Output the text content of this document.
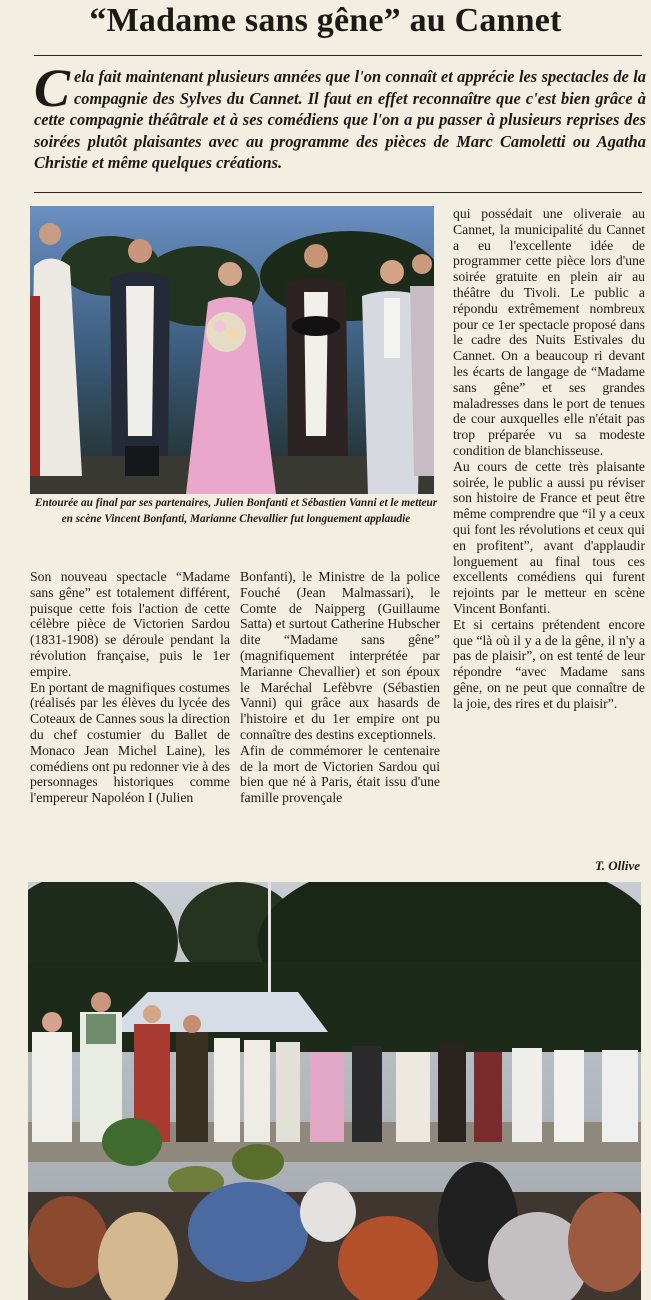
“Madame sans gêne” au Cannet

Cela fait maintenant plusieurs années que l'on connaît et apprécie les spectacles de la compagnie des Sylves du Cannet. Il faut en effet reconnaître que c'est bien grâce à cette compagnie théâtrale et à ses comédiens que l'on a pu passer à plusieurs reprises des soirées plutôt plaisantes avec au programme des pièces de Marc Camoletti ou Agatha Christie et même quelques créations.

Entourée au final par ses partenaires, Julien Bonfanti et Sébastien Vanni et le metteur en scène Vincent Bonfanti, Marianne Chevallier fut longuement applaudie

qui possédait une oliveraie au Cannet, la municipalité du Cannet a eu l'excellente idée de programmer cette pièce lors d'une soirée gratuite en plein air au théâtre du Tivoli. Le public a répondu extrêmement nombreux pour ce 1er spectacle proposé dans le cadre des Nuits Estivales du Cannet. On a beaucoup ri devant les écarts de langage de “Madame sans gêne” et ses grandes maladresses dans le port de tenues de cour auxquelles elle n'était pas trop préparée vu sa modeste condition de blanchisseuse.

Au cours de cette très plaisante soirée, le public a aussi pu réviser son histoire de France et peut être même comprendre que “il y a ceux qui font les révolutions et ceux qui en profitent”, avant d'applaudir longuement au final tous ces excellents comédiens qui furent rejoints par le metteur en scène Vincent Bonfanti.

Et si certains prétendent encore que “là où il y a de la gêne, il n'y a pas de plaisir”, on est tenté de leur répondre “avec Madame sans gêne, on ne peut que connaître de la joie, des rires et du plaisir”.

Son nouveau spectacle “Madame sans gêne” est totalement différent, puisque cette fois l'action de cette célèbre pièce de Victorien Sardou (1831-1908) se déroule pendant la révolution française, puis le 1er empire.

En portant de magnifiques costumes (réalisés par les élèves du lycée des Coteaux de Cannes sous la direction du chef costumier du Ballet de Monaco Jean Michel Laine), les comédiens ont pu redonner vie à des personnages historiques comme l'empereur Napoléon I (Julien

Bonfanti), le Ministre de la police Fouché (Jean Malmassari), le Comte de Naipperg (Guillaume Satta) et surtout Catherine Hubscher dite “Madame sans gêne” (magnifiquement interprétée par Marianne Chevallier) et son époux le Maréchal Lefèbvre (Sébastien Vanni) qui grâce aux hasards de l'histoire et du 1er empire ont pu connaître des destins exceptionnels.

Afin de commémorer le centenaire de la mort de Victorien Sardou qui bien que né à Paris, était issu d'une famille provençale

T. Ollive
